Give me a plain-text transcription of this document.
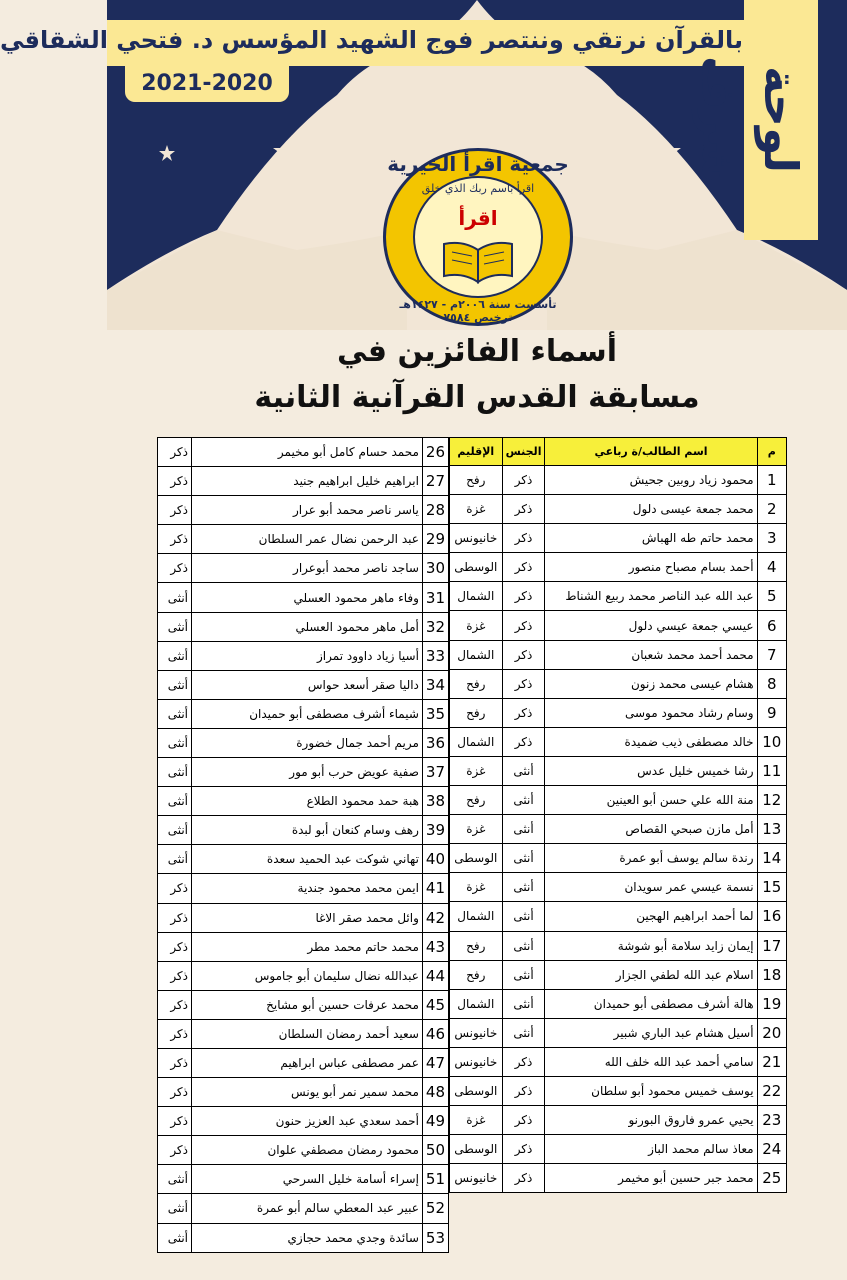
بالقرآن نرتقي وننتصر فوج الشهيد المؤسس د. فتحي الشقاقي
2021-2020	لوحة شرف
جمعية اقرأ الخيرية
اقرأ باسم ربك الذي خلق
اقرأ
تأسست سنة ٢٠٠٦م - ١٤٢٧هـ ترخيص ٧٥٨٤
أسماء الفائزين في
مسابقة القدس القرآنية الثانية
م	اسم الطالب/ة رباعي	الجنس	الإقليم
1	محمود زياد روبين جحيش	ذكر	رفح
2	محمد جمعة عيسى دلول	ذكر	غزة
3	محمد حاتم طه الهباش	ذكر	خانيونس
4	أحمد بسام مصباح منصور	ذكر	الوسطى
5	عبد الله عبد الناصر محمد ربيع الشناط	ذكر	الشمال
6	عيسي جمعة عيسي دلول	ذكر	غزة
7	محمد أحمد محمد شعبان	ذكر	الشمال
8	هشام عيسى محمد زنون	ذكر	رفح
9	وسام رشاد محمود موسى	ذكر	رفح
10	خالد مصطفى ذيب ضميدة	ذكر	الشمال
11	رشا خميس خليل عدس	أنثى	غزة
12	منة الله علي حسن أبو العينين	أنثى	رفح
13	أمل مازن صبحي القصاص	أنثى	غزة
14	رندة سالم يوسف أبو عمرة	أنثى	الوسطى
15	نسمة عيسي عمر سويدان	أنثى	غزة
16	لما أحمد ابراهيم الهجين	أنثى	الشمال
17	إيمان زايد سلامة أبو شوشة	أنثى	رفح
18	اسلام عبد الله لطفي الجزار	أنثى	رفح
19	هالة أشرف مصطفى أبو حميدان	أنثى	الشمال
20	أسيل هشام عبد الباري شبير	أنثى	خانيونس
21	سامي أحمد عبد الله خلف الله	ذكر	خانيونس
22	يوسف خميس محمود أبو سلطان	ذكر	الوسطى
23	يحيي عمرو فاروق البورنو	ذكر	غزة
24	معاذ سالم محمد الباز	ذكر	الوسطى
25	محمد جبر حسين أبو مخيمر	ذكر	خانيونس
26	محمد حسام كامل أبو مخيمر	ذكر
27	ابراهيم خليل ابراهيم جنيد	ذكر
28	ياسر ناصر محمد أبو عرار	ذكر
29	عبد الرحمن نضال عمر السلطان	ذكر
30	ساجد ناصر محمد أبوعرار	ذكر
31	وفاء ماهر محمود العسلي	أنثى
32	أمل ماهر محمود العسلي	أنثى
33	أسيا زياد داوود تمراز	أنثى
34	داليا صقر أسعد حواس	أنثى
35	شيماء أشرف مصطفى أبو حميدان	أنثى
36	مريم أحمد جمال خضورة	أنثى
37	صفية عويض حرب أبو مور	أنثى
38	هبة حمد محمود الطلاع	أنثى
39	رهف وسام كنعان أبو لبدة	أنثى
40	تهاني شوكت عبد الحميد سعدة	أنثى
41	ايمن محمد محمود جندية	ذكر
42	وائل محمد صقر الاغا	ذكر
43	محمد حاتم محمد مطر	ذكر
44	عبدالله نضال سليمان أبو جاموس	ذكر
45	محمد عرفات حسين أبو مشايخ	ذكر
46	سعيد أحمد رمضان السلطان	ذكر
47	عمر مصطفى عباس ابراهيم	ذكر
48	محمد سمير نمر أبو يونس	ذكر
49	أحمد سعدي عبد العزيز حنون	ذكر
50	محمود رمضان مصطفي علوان	ذكر
51	إسراء أسامة خليل السرحي	أنثى
52	عبير عبد المعطي سالم أبو عمرة	أنثى
53	سائدة وجدي محمد حجازي	أنثى
